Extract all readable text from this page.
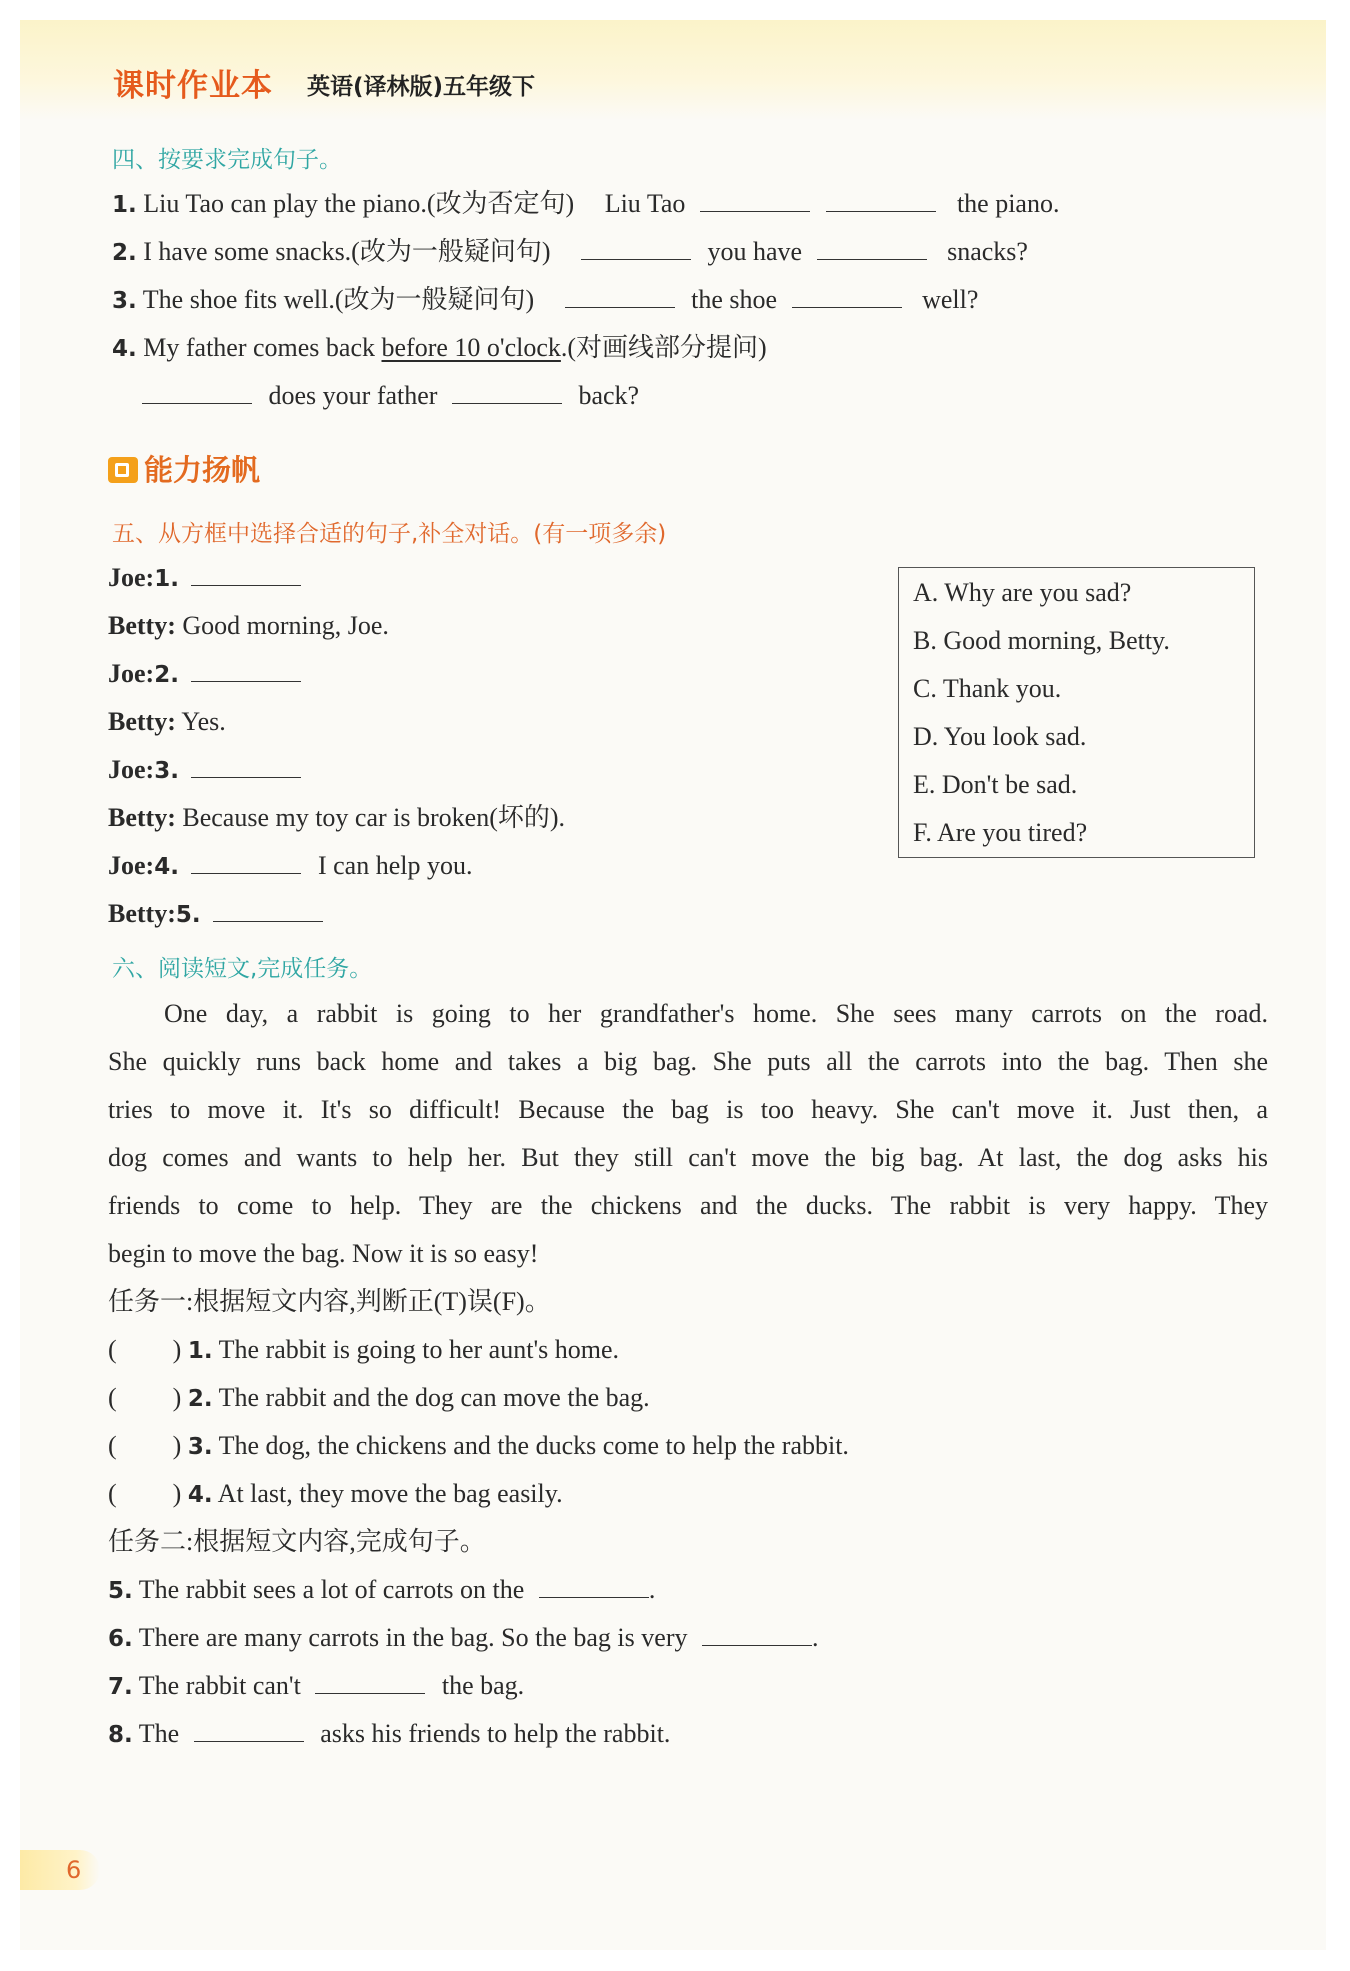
课时作业本 英语(译林版)五年级下
四、按要求完成句子。
1. Liu Tao can play the piano.(改为否定句) Liu Tao	the piano.
2. I have some snacks.(改为一般疑问句)	you have	snacks?
3. The shoe fits well.(改为一般疑问句)	the shoe	well?
4. My father comes back before 10 o'clock.(对画线部分提问)
does your father	back?
能力扬帆
五、从方框中选择合适的句子,补全对话。(有一项多余)
Joe:1.
Betty: Good morning, Joe.
Joe:2.
Betty: Yes.
Joe:3.
Betty: Because my toy car is broken(坏的).
Joe:4.	I can help you.
Betty:5.
A. Why are you sad?
B. Good morning, Betty.
C. Thank you.
D. You look sad.
E. Don't be sad.
F. Are you tired?
六、阅读短文,完成任务。
One day, a rabbit is going to her grandfather's home. She sees many carrots on the road.
She quickly runs back home and takes a big bag. She puts all the carrots into the bag. Then she
tries to move it. It's so difficult! Because the bag is too heavy. She can't move it. Just then, a
dog comes and wants to help her. But they still can't move the big bag. At last, the dog asks his
friends to come to help. They are the chickens and the ducks. The rabbit is very happy. They
begin to move the bag. Now it is so easy!
任务一:根据短文内容,判断正(T)误(F)。
( ) 1. The rabbit is going to her aunt's home.
( ) 2. The rabbit and the dog can move the bag.
( ) 3. The dog, the chickens and the ducks come to help the rabbit.
( ) 4. At last, they move the bag easily.
任务二:根据短文内容,完成句子。
5. The rabbit sees a lot of carrots on the	.
6. There are many carrots in the bag. So the bag is very	.
7. The rabbit can't	the bag.
8. The	asks his friends to help the rabbit.
6
